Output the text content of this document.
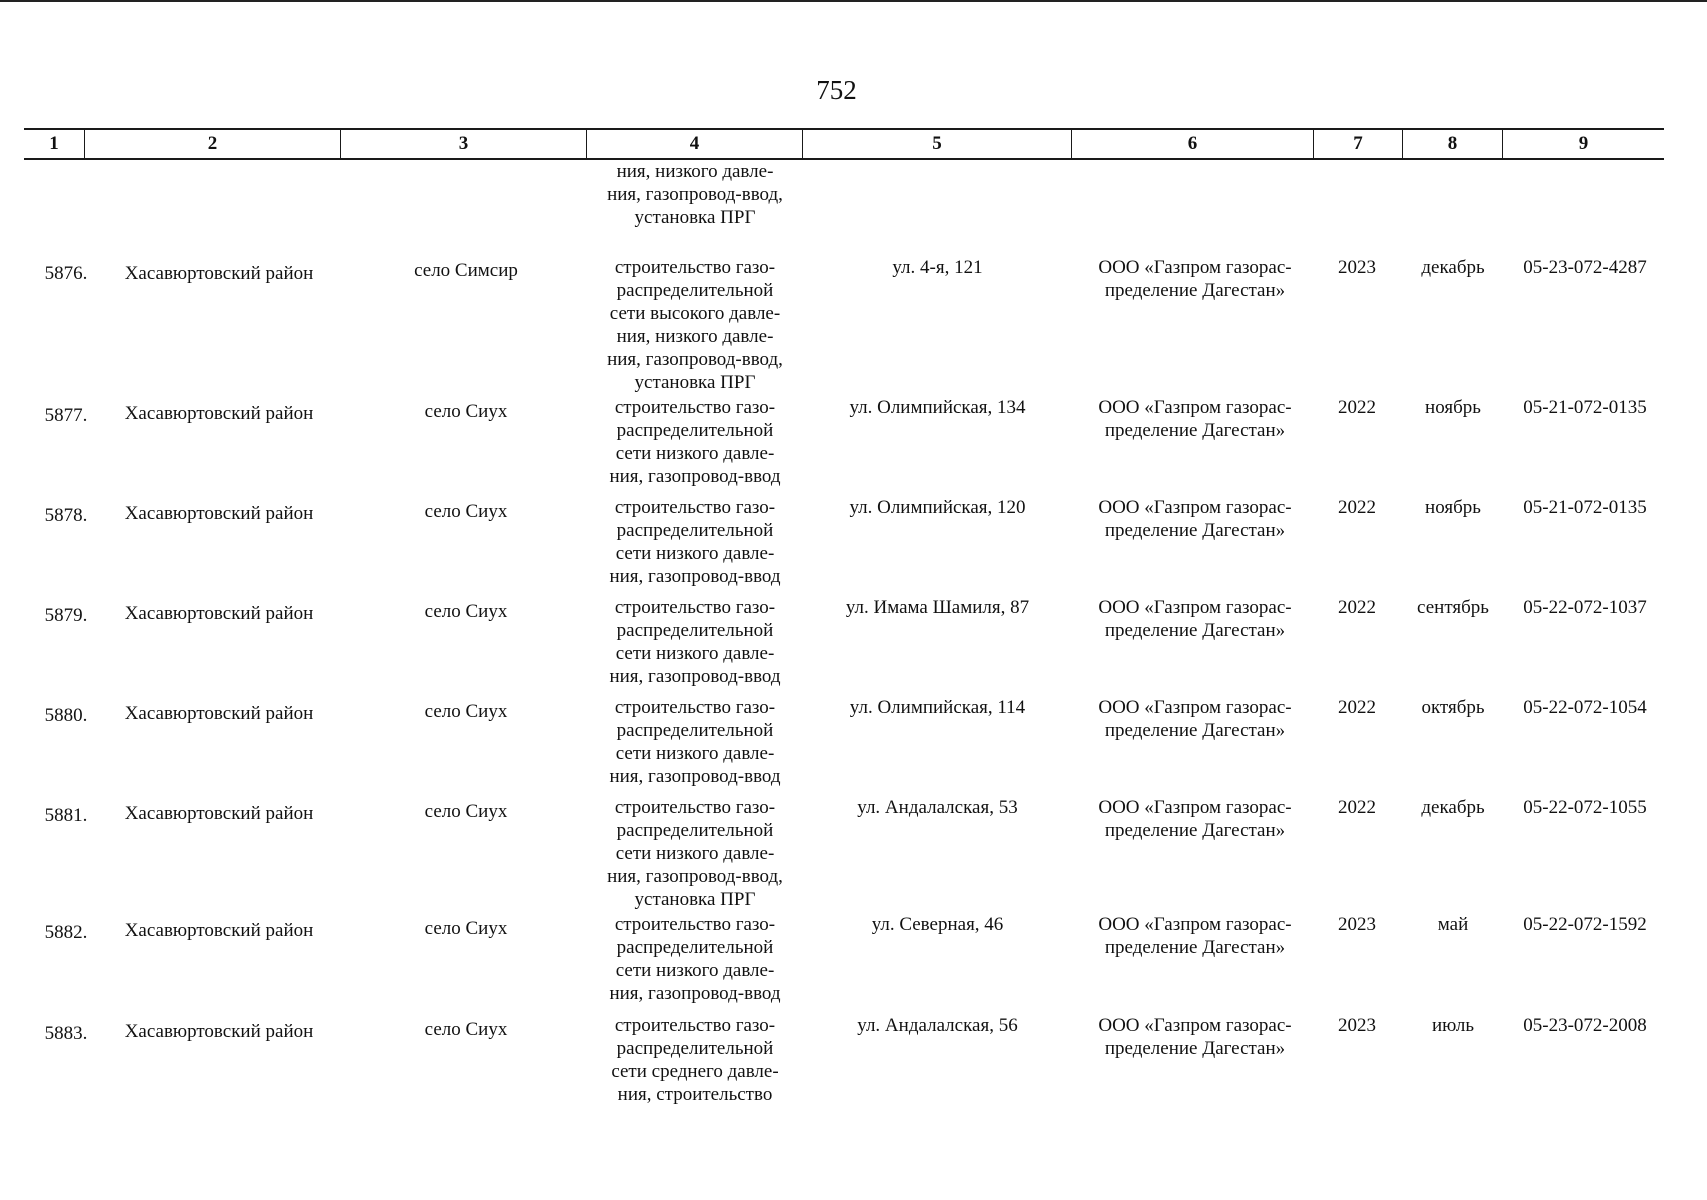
752
1	2	3	4	5	6	7	8	9
ния, низкого давле-
ния, газопровод-ввод,
установка ПРГ
5876.	Хасавюртовский район	село Симсир	строительство газо-
распределительной
сети высокого давле-
ния, низкого давле-
ния, газопровод-ввод,
установка ПРГ
ул. 4-я, 121	ООО «Газпром газорас-
пределение Дагестан»
2023	декабрь	05-23-072-4287
5877.	Хасавюртовский район	село Сиух	строительство газо-
распределительной
сети низкого давле-
ния, газопровод-ввод
ул. Олимпийская, 134	ООО «Газпром газорас-
пределение Дагестан»
2022	ноябрь	05-21-072-0135
5878.	Хасавюртовский район	село Сиух	строительство газо-
распределительной
сети низкого давле-
ния, газопровод-ввод
ул. Олимпийская, 120	ООО «Газпром газорас-
пределение Дагестан»
2022	ноябрь	05-21-072-0135
5879.	Хасавюртовский район	село Сиух	строительство газо-
распределительной
сети низкого давле-
ния, газопровод-ввод
ул. Имама Шамиля, 87	ООО «Газпром газорас-
пределение Дагестан»
2022	сентябрь	05-22-072-1037
5880.	Хасавюртовский район	село Сиух	строительство газо-
распределительной
сети низкого давле-
ния, газопровод-ввод
ул. Олимпийская, 114	ООО «Газпром газорас-
пределение Дагестан»
2022	октябрь	05-22-072-1054
5881.	Хасавюртовский район	село Сиух	строительство газо-
распределительной
сети низкого давле-
ния, газопровод-ввод,
установка ПРГ
ул. Андалалская, 53	ООО «Газпром газорас-
пределение Дагестан»
2022	декабрь	05-22-072-1055
5882.	Хасавюртовский район	село Сиух	строительство газо-
распределительной
сети низкого давле-
ния, газопровод-ввод
ул. Северная, 46	ООО «Газпром газорас-
пределение Дагестан»
2023	май	05-22-072-1592
5883.	Хасавюртовский район	село Сиух	строительство газо-
распределительной
сети среднего давле-
ния, строительство
ул. Андалалская, 56	ООО «Газпром газорас-
пределение Дагестан»
2023	июль	05-23-072-2008
